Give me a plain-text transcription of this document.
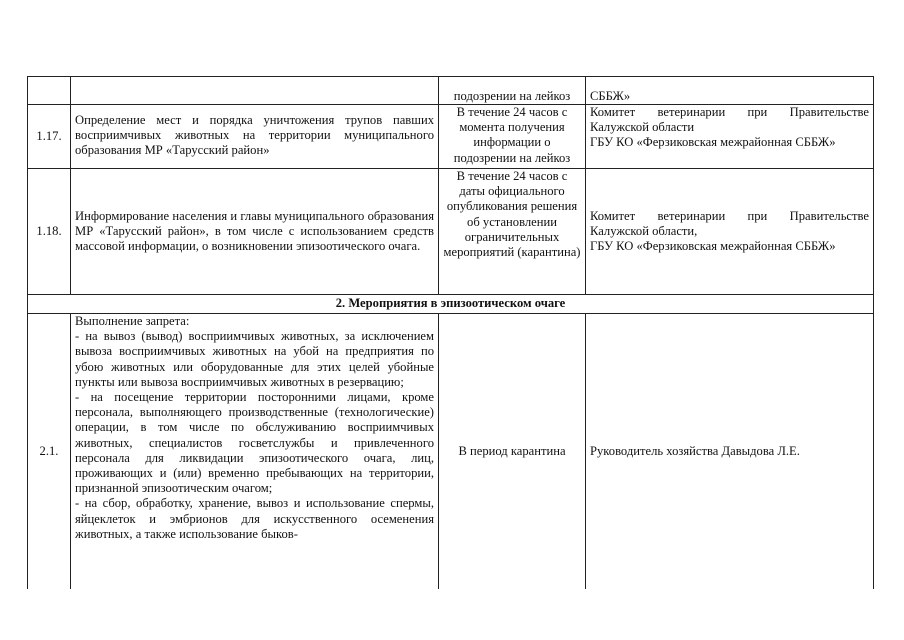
		подозрении на лейкоз	СББЖ»
1.17.	Определение мест и порядка уничтожения трупов павших восприимчивых животных на территории муниципального образования МР «Тарусский район»	В течение 24 часов с момента получения информации о подозрении на лейкоз	Комитет ветеринарии при Правительстве Калужской области
ГБУ КО «Ферзиковская межрайонная СББЖ»

1.18.	Информирование населения и главы муниципального образования МР «Тарусский район», в том числе с использованием средств массовой информации, о возникновении эпизоотического очага.	В течение 24 часов с даты официального опубликования решения об установлении ограничительных мероприятий (карантина)	Комитет ветеринарии при Правительстве Калужской области,
ГБУ КО «Ферзиковская межрайонная СББЖ»

2. Мероприятия в эпизоотическом очаге			
2.1.	Выполнение запрета:
- на вывоз (вывод) восприимчивых животных, за исключением вывоза восприимчивых животных на убой на предприятия по убою животных или оборудованные для этих целей убойные пункты или вывоза восприимчивых животных в резервацию;
- на посещение территории посторонними лицами, кроме персонала, выполняющего производственные (технологические) операции, в том числе по обслуживанию восприимчивых животных, специалистов госветслужбы и привлеченного персонала для ликвидации эпизоотического очага, лиц, проживающих и (или) временно пребывающих на территории, признанной эпизоотическим очагом;
- на сбор, обработку, хранение, вывоз и использование спермы, яйцеклеток и эмбрионов для искусственного осеменения животных, а также использование быков-	В период карантина	Руководитель хозяйства Давыдова Л.Е.
